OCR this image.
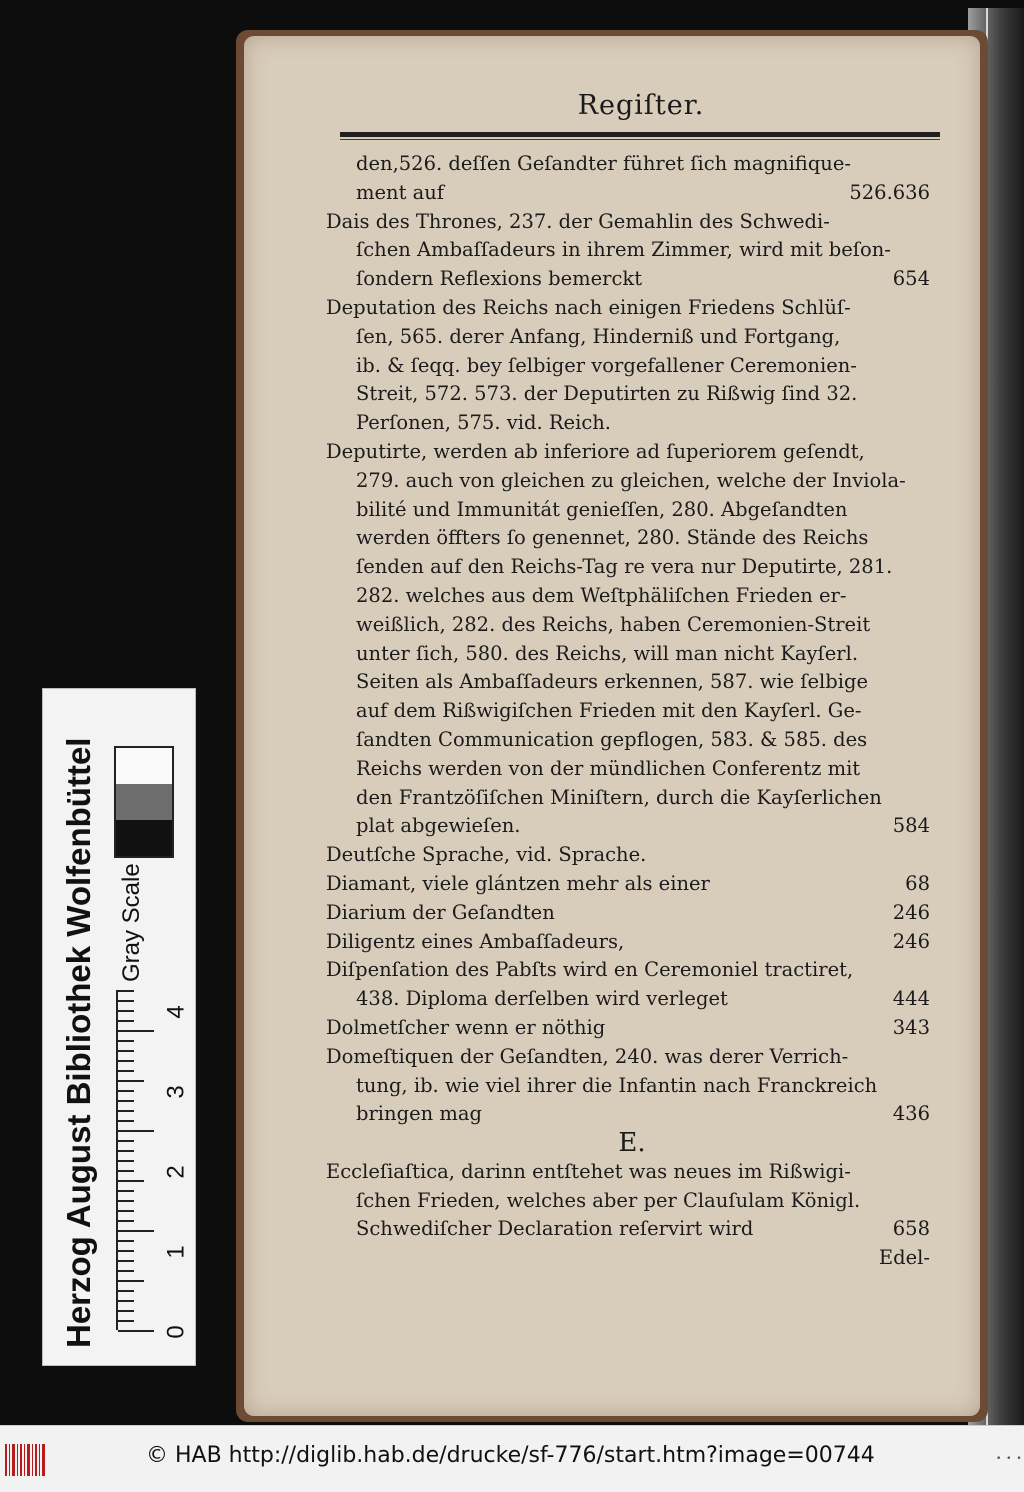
Regiſter.
den,526. deſſen Geſandter führet ſich magnifique-
ment auf	526.636
Dais des Thrones, 237. der Gemahlin des Schwedi-
ſchen Ambaſſadeurs in ihrem Zimmer, wird mit beſon-
ſondern Reflexions bemerckt	654
Deputation des Reichs nach einigen Friedens Schlüſ-
ſen, 565. derer Anfang, Hinderniß und Fortgang,
ib. & ſeqq. bey ſelbiger vorgefallener Ceremonien-
Streit, 572. 573. der Deputirten zu Rißwig ſind 32.
Perſonen, 575. vid. Reich.
Deputirte, werden ab inferiore ad ſuperiorem geſendt,
279. auch von gleichen zu gleichen, welche der Inviola-
bilité und Immunitát genieſſen, 280. Abgeſandten
werden öffters ſo genennet, 280. Stände des Reichs
ſenden auf den Reichs-Tag re vera nur Deputirte, 281.
282. welches aus dem Weſtphäliſchen Frieden er-
weißlich, 282. des Reichs, haben Ceremonien-Streit
unter ſich, 580. des Reichs, will man nicht Kayſerl.
Seiten als Ambaſſadeurs erkennen, 587. wie ſelbige
auf dem Rißwigiſchen Frieden mit den Kayſerl. Ge-
ſandten Communication gepflogen, 583. & 585. des
Reichs werden von der mündlichen Conferentz mit
den Frantzöſiſchen Miniſtern, durch die Kayſerlichen
plat abgewieſen.	584
Deutſche Sprache, vid. Sprache.
Diamant, viele glántzen mehr als einer	68
Diarium der Geſandten	246
Diligentz eines Ambaſſadeurs,	246
Diſpenſation des Pabſts wird en Ceremoniel tractiret,
438. Diploma derſelben wird verleget	444
Dolmetſcher wenn er nöthig	343
Domeſtiquen der Geſandten, 240. was derer Verrich-
tung, ib. wie viel ihrer die Infantin nach Franckreich
bringen mag	436
E.
Eccleſiaſtica, darinn entſtehet was neues im Rißwigi-
ſchen Frieden, welches aber per Clauſulam Königl.
Schwediſcher Declaration reſervirt wird	658
Edel-
Herzog August Bibliothek Wolfenbüttel Gray Scale
0
1
2
3
4
© HAB http://diglib.hab.de/drucke/sf-776/start.htm?image=00744	• • •
